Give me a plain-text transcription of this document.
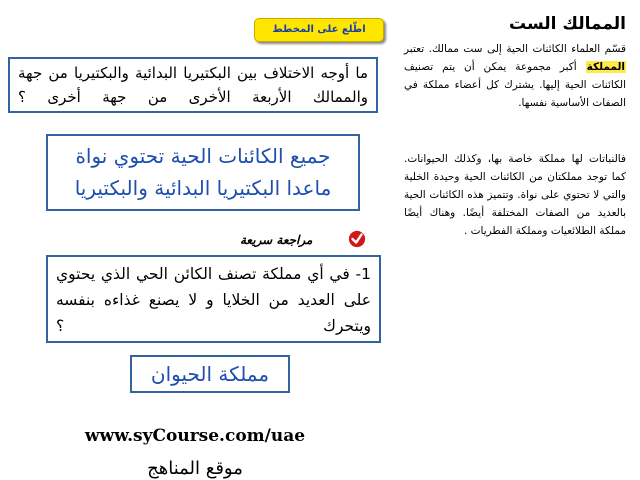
الممالك الست
قسّم العلماء الكائنات الحية إلى ست ممالك. تعتبر المملكة أكبر مجموعة يمكن أن يتم تصنيف الكائنات الحية إليها. يشترك كل أعضاء مملكة في الصفات الأساسية نفسها.
فالنباتات لها مملكة خاصة بها، وكذلك الحيوانات. كما توجد مملكتان من الكائنات الحية وحيدة الخلية والتي لا تحتوي على نواة. وتتميز هذه الكائنات الحية بالعديد من الصفات المختلفة أيضًا. وهناك أيضًا مملكة الطلائعيات ومملكة الفطريات .
اطّلع على المخطط
ما أوجه الاختلاف بين البكتيريا البدائية والبكتيريا من جهة والممالك الأربعة الأخرى من جهة أخرى ؟
جميع الكائنات الحية تحتوي نواة ماعدا البكتيريا البدائية والبكتيريا
مراجعة سريعة
1- في أي مملكة تصنف الكائن الحي الذي يحتوي على العديد من الخلايا و لا يصنع غذاءه بنفسه ويتحرك ؟
مملكة الحيوان
www.syCourse.com/uae
موقع المناهج
